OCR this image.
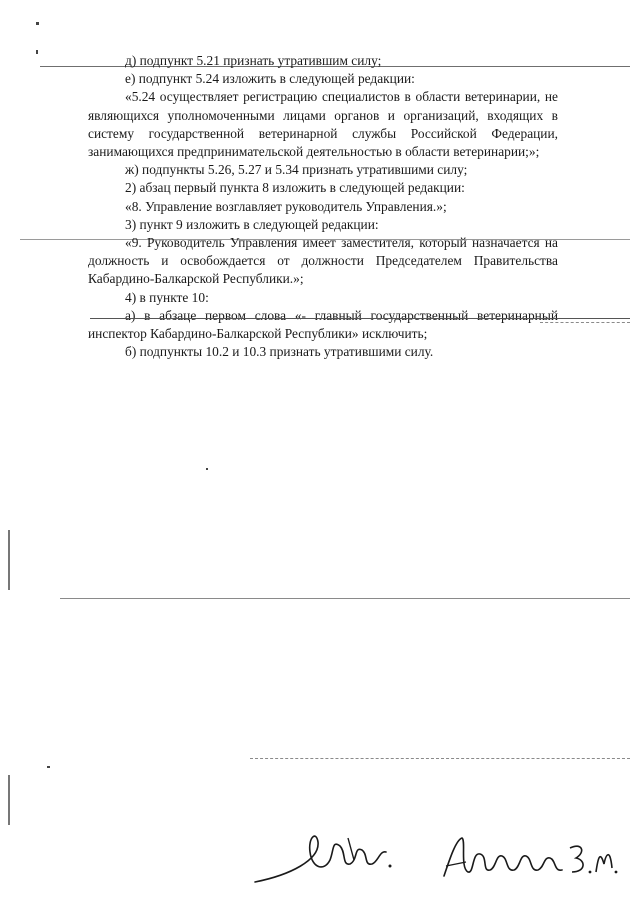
д) подпункт 5.21 признать утратившим силу;

е) подпункт 5.24 изложить в следующей редакции:

«5.24 осуществляет регистрацию специалистов в области ветеринарии, не являющихся уполномоченными лицами органов и организаций, входящих в систему государственной ветеринарной службы Российской Федерации, занимающихся предпринимательской деятельностью в области ветеринарии;»;

ж) подпункты 5.26, 5.27 и 5.34 признать утратившими силу;

2) абзац первый пункта 8 изложить в следующей редакции:

«8. Управление возглавляет руководитель Управления.»;

3) пункт 9 изложить в следующей редакции:

«9. Руководитель Управления имеет заместителя, который назначается на должность и освобождается от должности Председателем Правительства Кабардино-Балкарской Республики.»;

4) в пункте 10:

а) в абзаце первом слова «- главный государственный ветеринарный инспектор Кабардино-Балкарской Республики» исключить;

б) подпункты 10.2 и 10.3 признать утратившими силу.
